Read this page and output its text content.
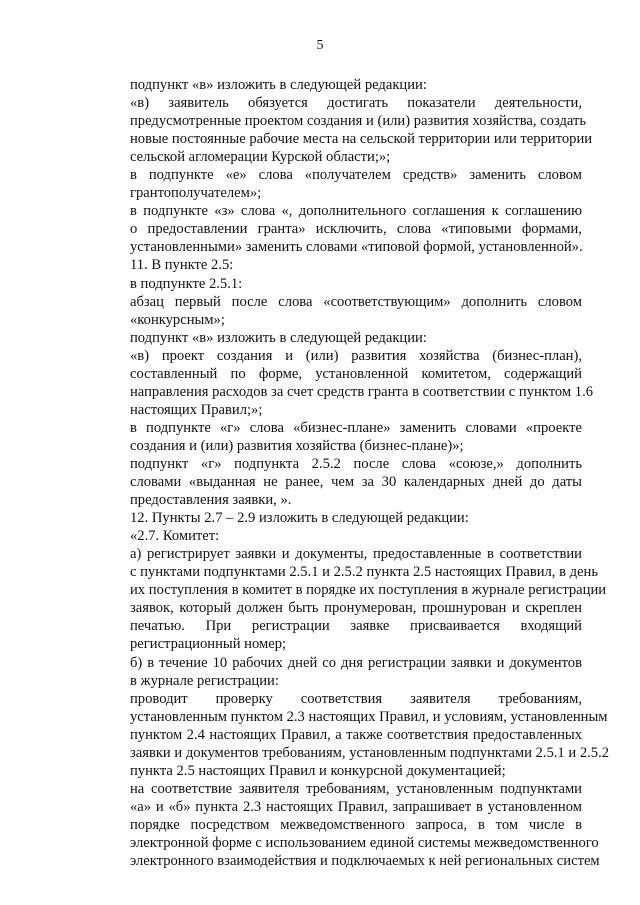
5
подпункт «в» изложить в следующей редакции:
«в) заявитель обязуется достигать показатели деятельности,
предусмотренные проектом создания и (или) развития хозяйства, создать
новые постоянные рабочие места на сельской территории или территории
сельской агломерации Курской области;»;
в подпункте «е» слова «получателем средств» заменить словом
грантополучателем»;
в подпункте «з» слова «, дополнительного соглашения к соглашению
о предоставлении гранта» исключить, слова «типовыми формами,
установленными» заменить словами «типовой формой, установленной».
11. В пункте 2.5:
в подпункте 2.5.1:
абзац первый после слова «соответствующим» дополнить словом
«конкурсным»;
подпункт «в» изложить в следующей редакции:
«в) проект создания и (или) развития хозяйства (бизнес-план),
составленный по форме, установленной комитетом, содержащий
направления расходов за счет средств гранта в соответствии с пунктом 1.6
настоящих Правил;»;
в подпункте «г» слова «бизнес-плане» заменить словами «проекте
создания и (или) развития хозяйства (бизнес-плане)»;
подпункт «г» подпункта 2.5.2 после слова «союзе,» дополнить
словами «выданная не ранее, чем за 30 календарных дней до даты
предоставления заявки, ».
12. Пункты 2.7 – 2.9 изложить в следующей редакции:
«2.7. Комитет:
а) регистрирует заявки и документы, предоставленные в соответствии
с пунктами подпунктами 2.5.1 и 2.5.2 пункта 2.5 настоящих Правил, в день
их поступления в комитет в порядке их поступления в журнале регистрации
заявок, который должен быть пронумерован, прошнурован и скреплен
печатью. При регистрации заявке присваивается входящий
регистрационный номер;
б) в течение 10 рабочих дней со дня регистрации заявки и документов
в журнале регистрации:
проводит проверку соответствия заявителя требованиям,
установленным пунктом 2.3 настоящих Правил, и условиям, установленным
пунктом 2.4 настоящих Правил, а также соответствия предоставленных
заявки и документов требованиям, установленным подпунктами 2.5.1 и 2.5.2
пункта 2.5 настоящих Правил и конкурсной документацией;
на соответствие заявителя требованиям, установленным подпунктами
«а» и «б» пункта 2.3 настоящих Правил, запрашивает в установленном
порядке посредством межведомственного запроса, в том числе в
электронной форме с использованием единой системы межведомственного
электронного взаимодействия и подключаемых к ней региональных систем
